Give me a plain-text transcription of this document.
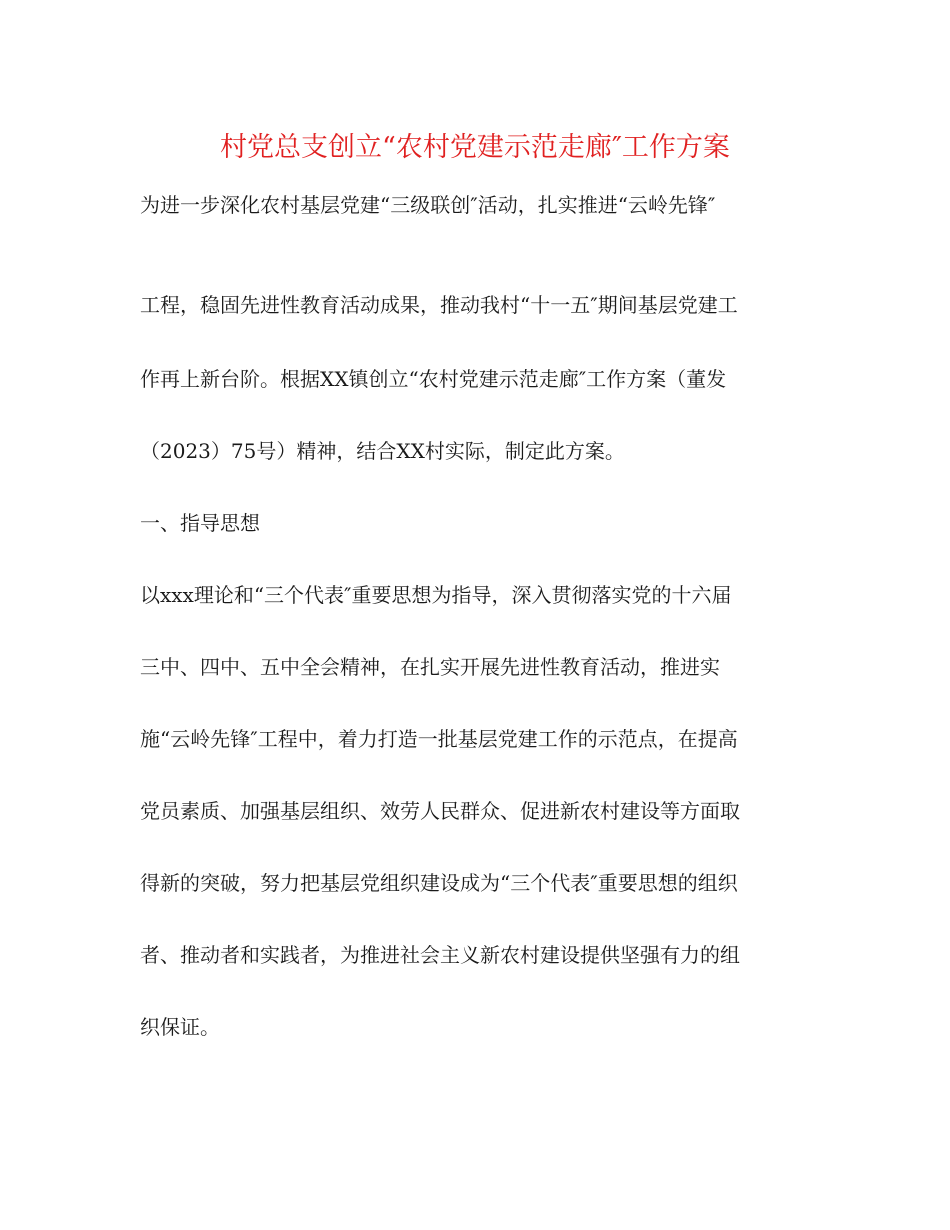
村党总支创立“农村党建示范走廊″工作方案
为进一步深化农村基层党建“三级联创″活动，扎实推进“云岭先锋″
工程，稳固先进性教育活动成果，推动我村“十一五″期间基层党建工
作再上新台阶。根据XX镇创立“农村党建示范走廊″工作方案（董发
（2023）75号）精神，结合XX村实际，制定此方案。
一、指导思想
以xxx理论和“三个代表″重要思想为指导，深入贯彻落实党的十六届
三中、四中、五中全会精神，在扎实开展先进性教育活动，推进实
施“云岭先锋″工程中，着力打造一批基层党建工作的示范点，在提高
党员素质、加强基层组织、效劳人民群众、促进新农村建设等方面取
得新的突破，努力把基层党组织建设成为“三个代表″重要思想的组织
者、推动者和实践者，为推进社会主义新农村建设提供坚强有力的组
织保证。
